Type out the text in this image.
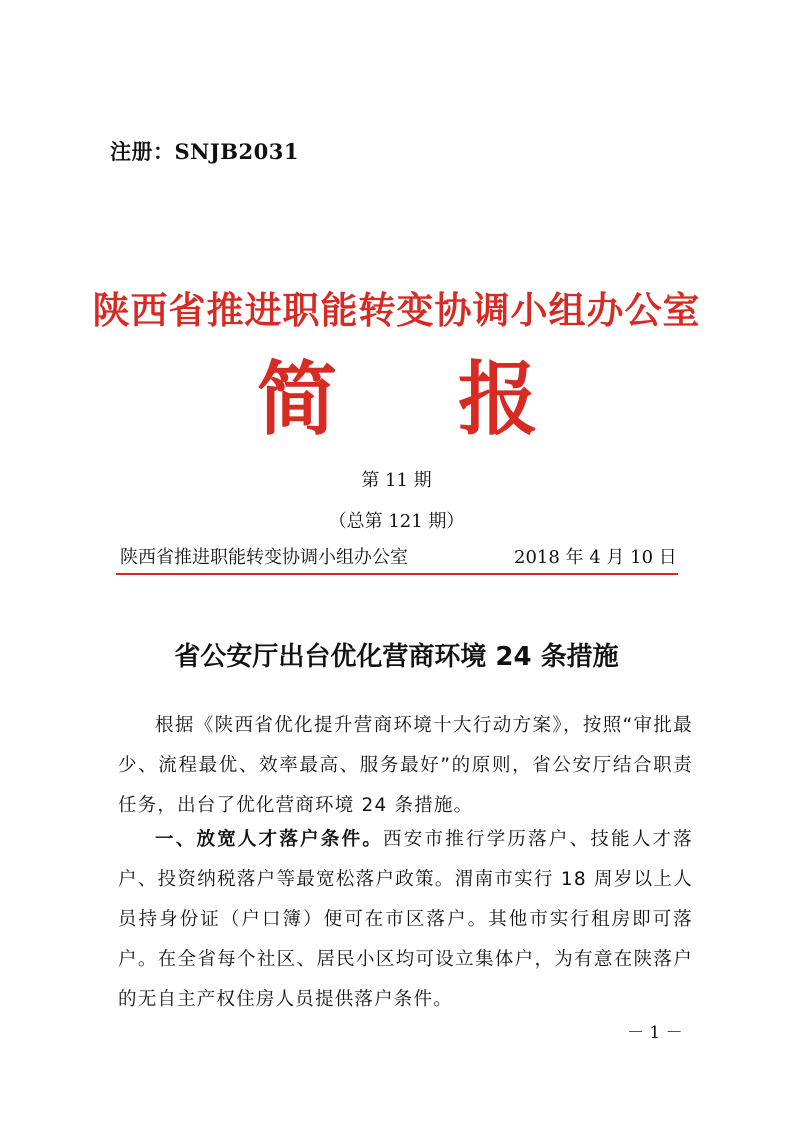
注册：SNJB2031
陕西省推进职能转变协调小组办公室
简 报
第 11 期
（总第 121 期）
陕西省推进职能转变协调小组办公室	2018 年 4 月 10 日
省公安厅出台优化营商环境 24 条措施
根据《陕西省优化提升营商环境十大行动方案》，按照“审批最少、流程最优、效率最高、服务最好”的原则，省公安厅结合职责任务，出台了优化营商环境 24 条措施。
一、放宽人才落户条件。西安市推行学历落户、技能人才落户、投资纳税落户等最宽松落户政策。渭南市实行 18 周岁以上人员持身份证（户口簿）便可在市区落户。其他市实行租房即可落户。在全省每个社区、居民小区均可设立集体户，为有意在陕落户的无自主产权住房人员提供落户条件。
－ 1 －
